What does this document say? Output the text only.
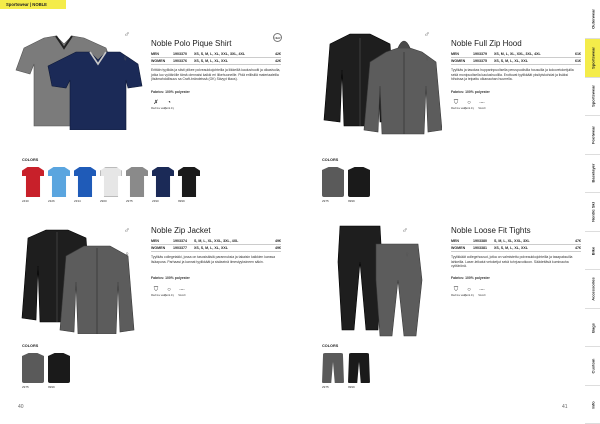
Sportswear | NOBLE
40	41
♂
♀
Noble Polo Pique Shirt
NEW
MEN	1903370 XS, S, M, L, XL, XXL, 3XL, 4XL	42€
WOMEN 1903376 XS, S, M, L, XL, XXL	42€
Erittäin tyylikäs ja siisti piikee polveaukkojohteilla ja liikkeillä kaulushuolti ja olkasivulla, jotka luo vyötärölle tämä olennaisi kaikki eri liikehuoneille. Pidä erillisillä materiaaleilla (lisämahdollisuus sa Craft-brändeissä (OK) Sävyyt tilaus).
Fabrics: 100% polyester
✗
Machine wash
◔
Quick dry
COLORS
2430	2326	2334	2900	2975	2390	9999
♂
♀
Noble Full Zip Hood
MEN	1903379 XS, M, L, XL, XXL, 3XL, 4XL	61€
WOMEN 1903375 XS, S, M, L, XL, XXL	61€
Tyylikäs ja tasokas hupparinpuolisella peruspuolisilla housuilla ja kokovetoketjuilla sekä monipuolisella kaulushuolilla. Erottuvat tyylikkäät yksityiskohdat ja lisäksi hihoissa ja teipattu olkanauhan huurrella.
Fabrics: 100% polyester
⛉
Machine wash
○
Quick dry
·-·
Stretch
COLORS
2975	9999
♂
♀
Noble Zip Jacket
MEN	1903374 S, M, L, XL, XXL, 3XL, 4XL	49€
WOMEN 1903377 XS, S, M, L, XL, XXL	49€
Tyylikäs collegetakki, jossa on tasosisäisiä parannuksia ja takaisin kaikkien kanssa lisäapuna. Parhaasi ja kannat tyylikkäät ja sisäseinä ilmestyyksineen säkin.
Fabrics: 100% polyester
⛉
Machine wash
○
Quick dry
·-·
Stretch
COLORS
2975	9999
♂
♀
Noble Loose Fit Tights
MEN	1903380 S, M, L, XL, XXL, 3XL	47€
WOMEN 1903381 XS, S, M, L, XL, XXL	47€
Tyylikkäät collegehousut, jotka on valmistettu polveaukkojohteilla ja tasapaksuilla lahkeilla. Laser-leikatut vetoketjut sekä tuhrjusvutkoon. Säädettävä kuminauha vyötärönä.
Fabrics: 100% polyester
⛉
Machine wash
○
Quick dry
·-·
Stretch
COLORS
2975	9999
Outerwear
Sportswear
Sportswear
Footwear
Baselayer
Nordic Ski
Bike
Accessories
Bags
Custom
Info
